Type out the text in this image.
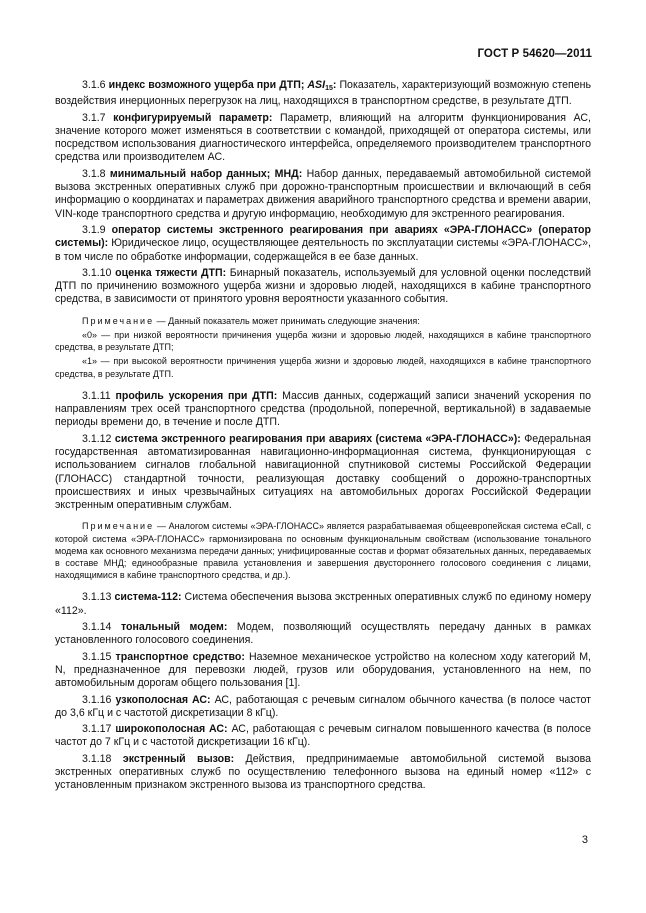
ГОСТ Р 54620—2011

3.1.6 индекс возможного ущерба при ДТП; $ASI_{15}$: Показатель, характеризующий возможную степень воздействия инерционных перегрузок на лиц, находящихся в транспортном средстве, в результате ДТП.

3.1.7 конфигурируемый параметр: Параметр, влияющий на алгоритм функционирования АС, значение которого может изменяться в соответствии с командой, приходящей от оператора системы, или посредством использования диагностического интерфейса, определяемого производителем транспортного средства или производителем АС.

3.1.8 минимальный набор данных; МНД: Набор данных, передаваемый автомобильной системой вызова экстренных оперативных служб при дорожно-транспортным происшествии и включающий в себя информацию о координатах и параметрах движения аварийного транспортного средства и времени аварии, VIN-коде транспортного средства и другую информацию, необходимую для экстренного реагирования.

3.1.9 оператор системы экстренного реагирования при авариях «ЭРА-ГЛОНАСС» (оператор системы): Юридическое лицо, осуществляющее деятельность по эксплуатации системы «ЭРА-ГЛОНАСС», в том числе по обработке информации, содержащейся в ее базе данных.

3.1.10 оценка тяжести ДТП: Бинарный показатель, используемый для условной оценки последствий ДТП по причинению возможного ущерба жизни и здоровью людей, находящихся в кабине транспортного средства, в зависимости от принятого уровня вероятности указанного события.

Примечание — Данный показатель может принимать следующие значения:

«0» — при низкой вероятности причинения ущерба жизни и здоровью людей, находящихся в кабине транспортного средства, в результате ДТП;

«1» — при высокой вероятности причинения ущерба жизни и здоровью людей, находящихся в кабине транспортного средства, в результате ДТП.

3.1.11 профиль ускорения при ДТП: Массив данных, содержащий записи значений ускорения по направлениям трех осей транспортного средства (продольной, поперечной, вертикальной) в задаваемые периоды времени до, в течение и после ДТП.

3.1.12 система экстренного реагирования при авариях (система «ЭРА-ГЛОНАСС»): Федеральная государственная автоматизированная навигационно-информационная система, функционирующая с использованием сигналов глобальной навигационной спутниковой системы Российской Федерации (ГЛОНАСС) стандартной точности, реализующая доставку сообщений о дорожно-транспортных происшествиях и иных чрезвычайных ситуациях на автомобильных дорогах Российской Федерации экстренным оперативным службам.

Примечание — Аналогом системы «ЭРА-ГЛОНАСС» является разрабатываемая общеевропейская система eCall, с которой система «ЭРА-ГЛОНАСС» гармонизирована по основным функциональным свойствам (использование тонального модема как основного механизма передачи данных; унифицированные состав и формат обязательных данных, передаваемых в составе МНД; единообразные правила установления и завершения двустороннего голосового соединения с лицами, находящимися в кабине транспортного средства, и др.).

3.1.13 система-112: Система обеспечения вызова экстренных оперативных служб по единому номеру «112».

3.1.14 тональный модем: Модем, позволяющий осуществлять передачу данных в рамках установленного голосового соединения.

3.1.15 транспортное средство: Наземное механическое устройство на колесном ходу категорий M, N, предназначенное для перевозки людей, грузов или оборудования, установленного на нем, по автомобильным дорогам общего пользования [1].

3.1.16 узкополосная АС: АС, работающая с речевым сигналом обычного качества (в полосе частот до 3,6 кГц и с частотой дискретизации 8 кГц).

3.1.17 широкополосная АС: АС, работающая с речевым сигналом повышенного качества (в полосе частот до 7 кГц и с частотой дискретизации 16 кГц).

3.1.18 экстренный вызов: Действия, предпринимаемые автомобильной системой вызова экстренных оперативных служб по осуществлению телефонного вызова на единый номер «112» с установленным признаком экстренного вызова из транспортного средства.

3
